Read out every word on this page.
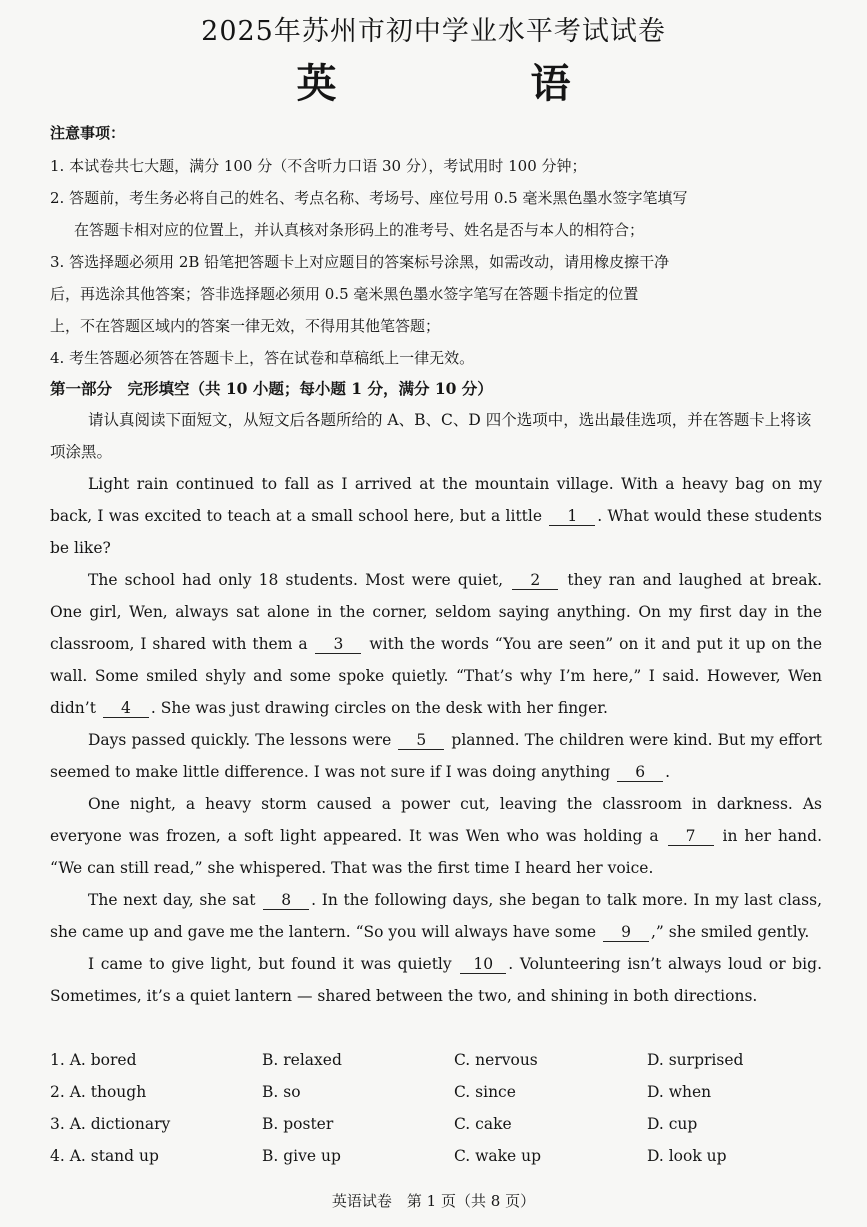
2025年苏州市初中学业水平考试试卷
英 语
注意事项：
1. 本试卷共七大题，满分 100 分（不含听力口语 30 分），考试用时 100 分钟；
2. 答题前，考生务必将自己的姓名、考点名称、考场号、座位号用 0.5 毫米黑色墨水签字笔填写
在答题卡相对应的位置上，并认真核对条形码上的准考号、姓名是否与本人的相符合；
3. 答选择题必须用 2B 铅笔把答题卡上对应题目的答案标号涂黑，如需改动，请用橡皮擦干净
后，再选涂其他答案；答非选择题必须用 0.5 毫米黑色墨水签字笔写在答题卡指定的位置
上，不在答题区域内的答案一律无效，不得用其他笔答题；
4. 考生答题必须答在答题卡上，答在试卷和草稿纸上一律无效。
第一部分　完形填空（共 10 小题；每小题 1 分，满分 10 分）
请认真阅读下面短文，从短文后各题所给的 A、B、C、D 四个选项中，选出最佳选项，并在答题卡上将该项涂黑。

Light rain continued to fall as I arrived at the mountain village. With a heavy bag on my back, I was excited to teach at a small school here, but a little 1 . What would these students be like?

The school had only 18 students. Most were quiet, 2 they ran and laughed at break. One girl, Wen, always sat alone in the corner, seldom saying anything. On my first day in the classroom, I shared with them a 3 with the words “You are seen” on it and put it up on the wall. Some smiled shyly and some spoke quietly. “That’s why I’m here,” I said. However, Wen didn’t 4 . She was just drawing circles on the desk with her finger.

Days passed quickly. The lessons were 5 planned. The children were kind. But my effort seemed to make little difference. I was not sure if I was doing anything 6 .

One night, a heavy storm caused a power cut, leaving the classroom in darkness. As everyone was frozen, a soft light appeared. It was Wen who was holding a 7 in her hand. “We can still read,” she whispered. That was the first time I heard her voice.

The next day, she sat 8 . In the following days, she began to talk more. In my last class, she came up and gave me the lantern. “So you will always have some 9 ,” she smiled gently.

I came to give light, but found it was quietly 10 . Volunteering isn’t always loud or big. Sometimes, it’s a quiet lantern — shared between the two, and shining in both directions.

1. A. bored	B. relaxed	C. nervous	D. surprised
2. A. though	B. so	C. since	D. when
3. A. dictionary	B. poster	C. cake	D. cup
4. A. stand up	B. give up	C. wake up	D. look up
英语试卷　第 1 页（共 8 页）
